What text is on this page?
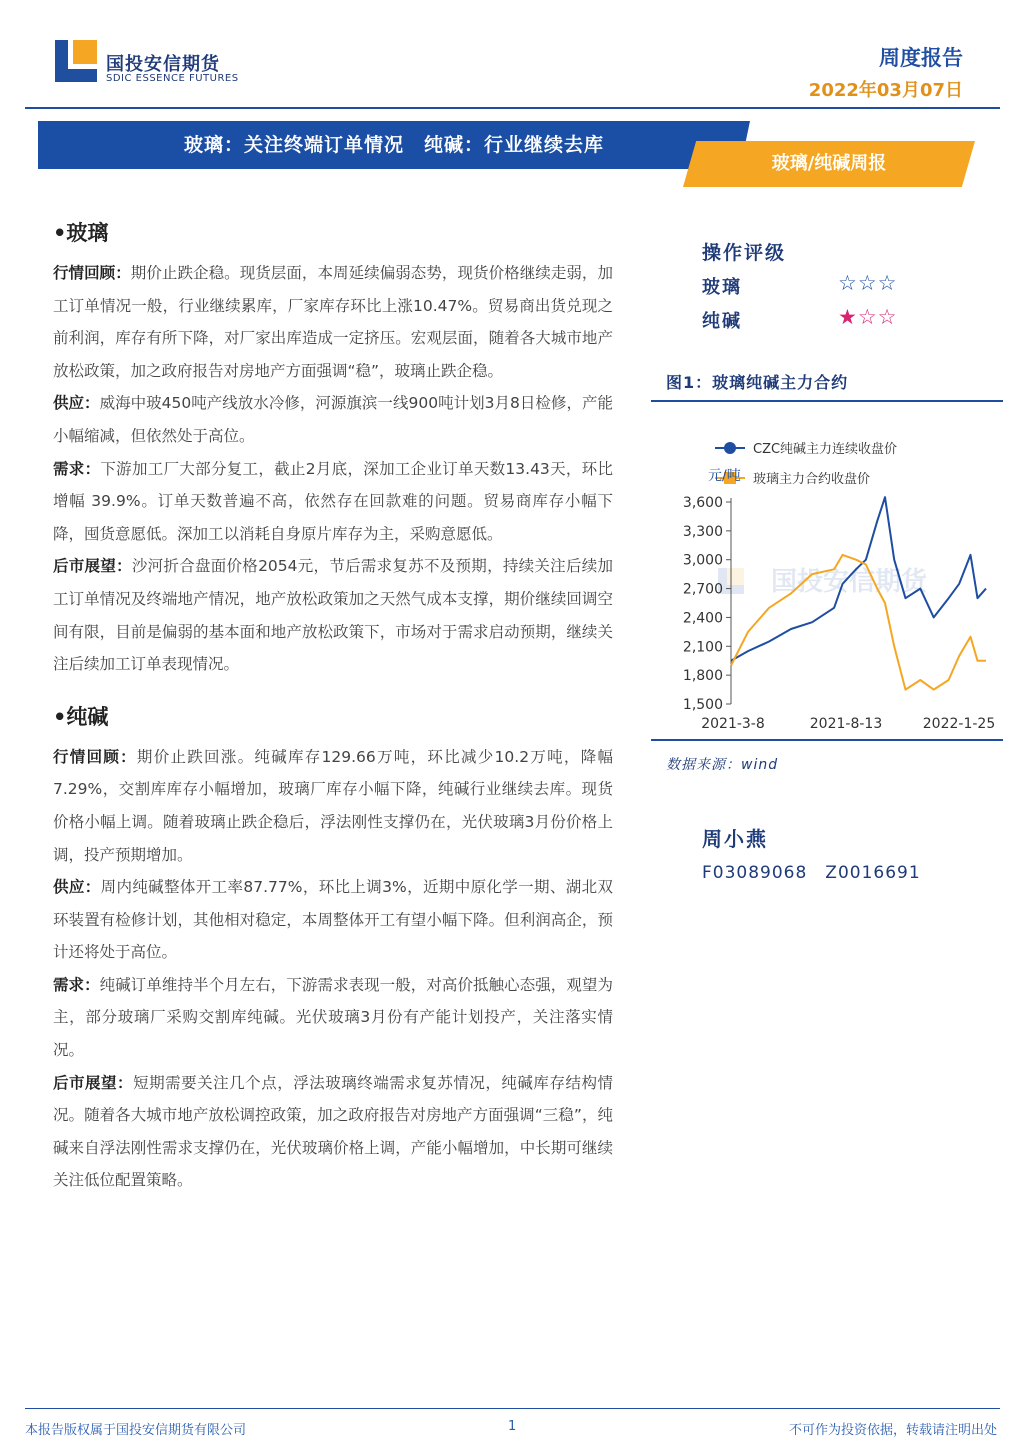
国投安信期货
SDIC ESSENCE FUTURES
周度报告
2022年03月07日
玻璃：关注终端订单情况　纯碱：行业继续去库
玻璃/纯碱周报
•玻璃

行情回顾：期价止跌企稳。现货层面，本周延续偏弱态势，现货价格继续走弱，加工订单情况一般，行业继续累库，厂家库存环比上涨10.47%。贸易商出货兑现之前利润，库存有所下降，对厂家出库造成一定挤压。宏观层面，随着各大城市地产放松政策，加之政府报告对房地产方面强调“稳”，玻璃止跌企稳。

供应：威海中玻450吨产线放水冷修，河源旗滨一线900吨计划3月8日检修，产能小幅缩减，但依然处于高位。

需求：下游加工厂大部分复工，截止2月底，深加工企业订单天数13.43天，环比增幅 39.9%。订单天数普遍不高，依然存在回款难的问题。贸易商库存小幅下降，囤货意愿低。深加工以消耗自身原片库存为主，采购意愿低。

后市展望：沙河折合盘面价格2054元，节后需求复苏不及预期，持续关注后续加工订单情况及终端地产情况，地产放松政策加之天然气成本支撑，期价继续回调空间有限，目前是偏弱的基本面和地产放松政策下，市场对于需求启动预期，继续关注后续加工订单表现情况。

•纯碱

行情回顾：期价止跌回涨。纯碱库存129.66万吨，环比减少10.2万吨，降幅7.29%，交割库库存小幅增加，玻璃厂库存小幅下降，纯碱行业继续去库。现货价格小幅上调。随着玻璃止跌企稳后，浮法刚性支撑仍在，光伏玻璃3月份价格上调，投产预期增加。

供应：周内纯碱整体开工率87.77%，环比上调3%，近期中原化学一期、湖北双环装置有检修计划，其他相对稳定，本周整体开工有望小幅下降。但利润高企，预计还将处于高位。

需求：纯碱订单维持半个月左右，下游需求表现一般，对高价抵触心态强，观望为主，部分玻璃厂采购交割库纯碱。光伏玻璃3月份有产能计划投产，关注落实情况。

后市展望：短期需要关注几个点，浮法玻璃终端需求复苏情况，纯碱库存结构情况。随着各大城市地产放松调控政策，加之政府报告对房地产方面强调“三稳”，纯碱来自浮法刚性需求支撑仍在，光伏玻璃价格上调，产能小幅增加，中长期可继续关注低位配置策略。

操作评级
玻璃	☆☆☆
纯碱	★☆☆
图1：玻璃纯碱主力合约
国投安信期货
CZC纯碱主力连续收盘价
玻璃主力合约收盘价
元/吨
3,600
3,300
3,000
2,700
2,400
2,100
1,800
1,500
2021-3-8	2021-8-13	2022-1-25
数据来源：wind
周小燕
F03089068　Z0016691
本报告版权属于国投安信期货有限公司	1	不可作为投资依据，转载请注明出处
